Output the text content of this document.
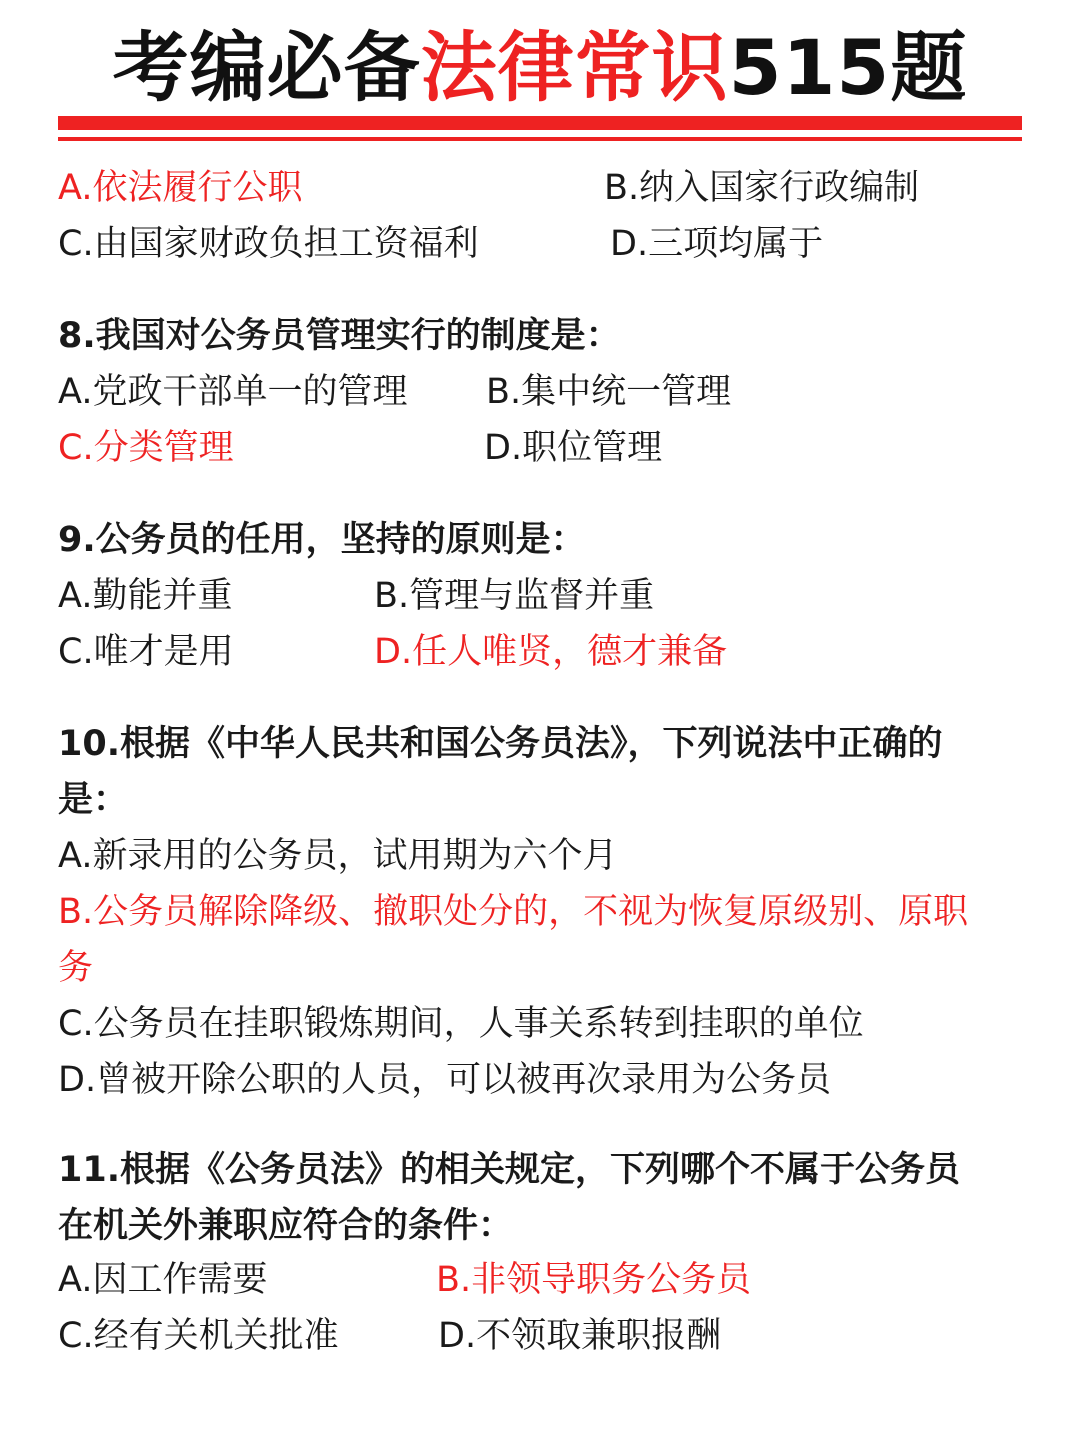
考编必备法律常识515题
A.依法履行公职	B.纳入国家行政编制
C.由国家财政负担工资福利	D.三项均属于
8.我国对公务员管理实行的制度是：
A.党政干部单一的管理 B.集中统一管理
C.分类管理	D.职位管理
9.公务员的任用，坚持的原则是：
A.勤能并重	B.管理与监督并重
C.唯才是用	D.任人唯贤，德才兼备
10.根据《中华人民共和国公务员法》，下列说法中正确的
是：
A.新录用的公务员，试用期为六个月
B.公务员解除降级、撤职处分的，不视为恢复原级别、原职
务
C.公务员在挂职锻炼期间，人事关系转到挂职的单位
D.曾被开除公职的人员，可以被再次录用为公务员
11.根据《公务员法》的相关规定，下列哪个不属于公务员
在机关外兼职应符合的条件：
A.因工作需要	B.非领导职务公务员
C.经有关机关批准	D.不领取兼职报酬
